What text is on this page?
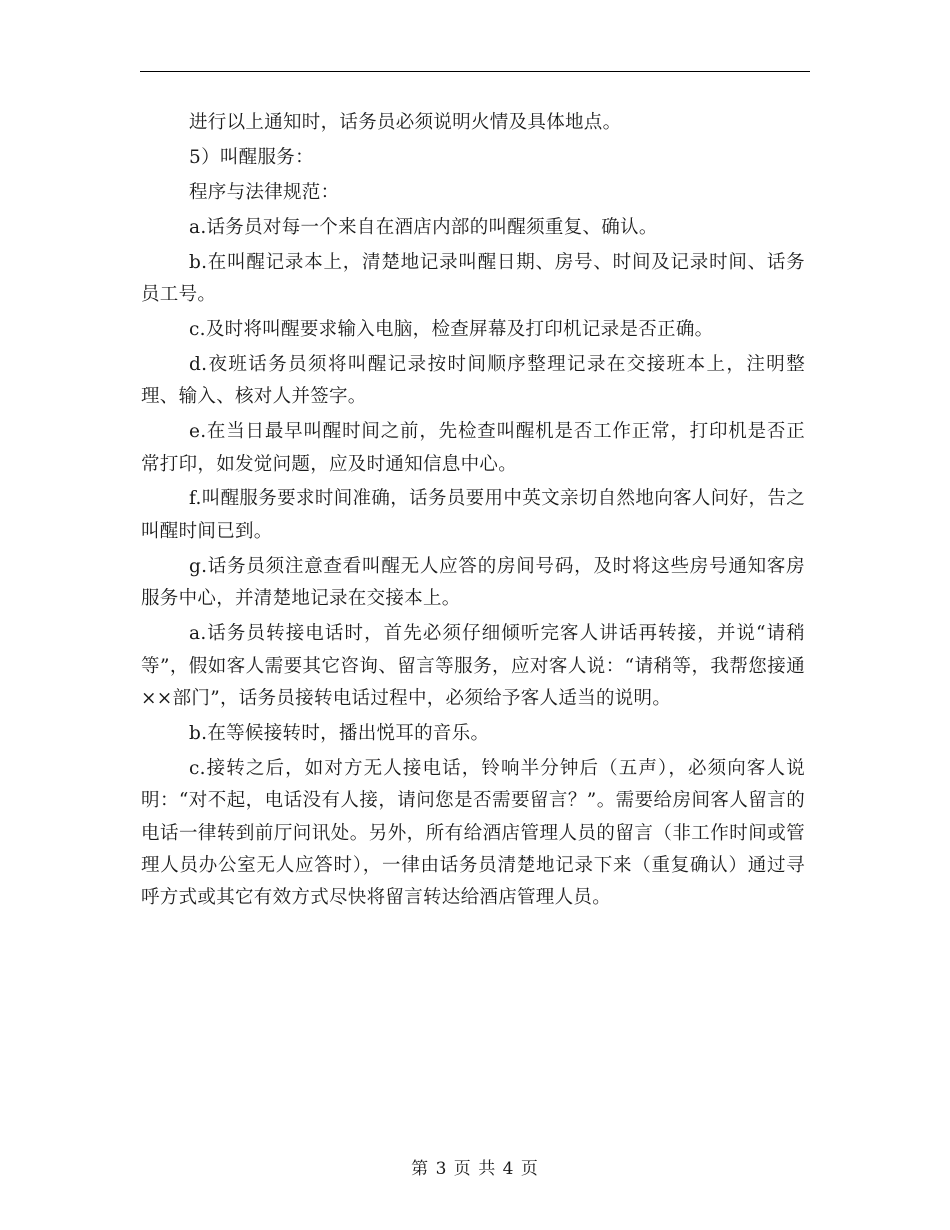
进行以上通知时，话务员必须说明火情及具体地点。

5）叫醒服务：

程序与法律规范：

a.话务员对每一个来自在酒店内部的叫醒须重复、确认。

b.在叫醒记录本上，清楚地记录叫醒日期、房号、时间及记录时间、话务员工号。

c.及时将叫醒要求输入电脑，检查屏幕及打印机记录是否正确。

d.夜班话务员须将叫醒记录按时间顺序整理记录在交接班本上，注明整理、输入、核对人并签字。

e.在当日最早叫醒时间之前，先检查叫醒机是否工作正常，打印机是否正常打印，如发觉问题，应及时通知信息中心。

f.叫醒服务要求时间准确，话务员要用中英文亲切自然地向客人问好，告之叫醒时间已到。

g.话务员须注意查看叫醒无人应答的房间号码，及时将这些房号通知客房服务中心，并清楚地记录在交接本上。

a.话务员转接电话时，首先必须仔细倾听完客人讲话再转接，并说“请稍等”，假如客人需要其它咨询、留言等服务，应对客人说：“请稍等，我帮您接通××部门”，话务员接转电话过程中，必须给予客人适当的说明。

b.在等候接转时，播出悦耳的音乐。

c.接转之后，如对方无人接电话，铃响半分钟后（五声），必须向客人说明：“对不起，电话没有人接，请问您是否需要留言？”。需要给房间客人留言的电话一律转到前厅问讯处。另外，所有给酒店管理人员的留言（非工作时间或管理人员办公室无人应答时），一律由话务员清楚地记录下来（重复确认）通过寻呼方式或其它有效方式尽快将留言转达给酒店管理人员。

第 3 页 共 4 页
